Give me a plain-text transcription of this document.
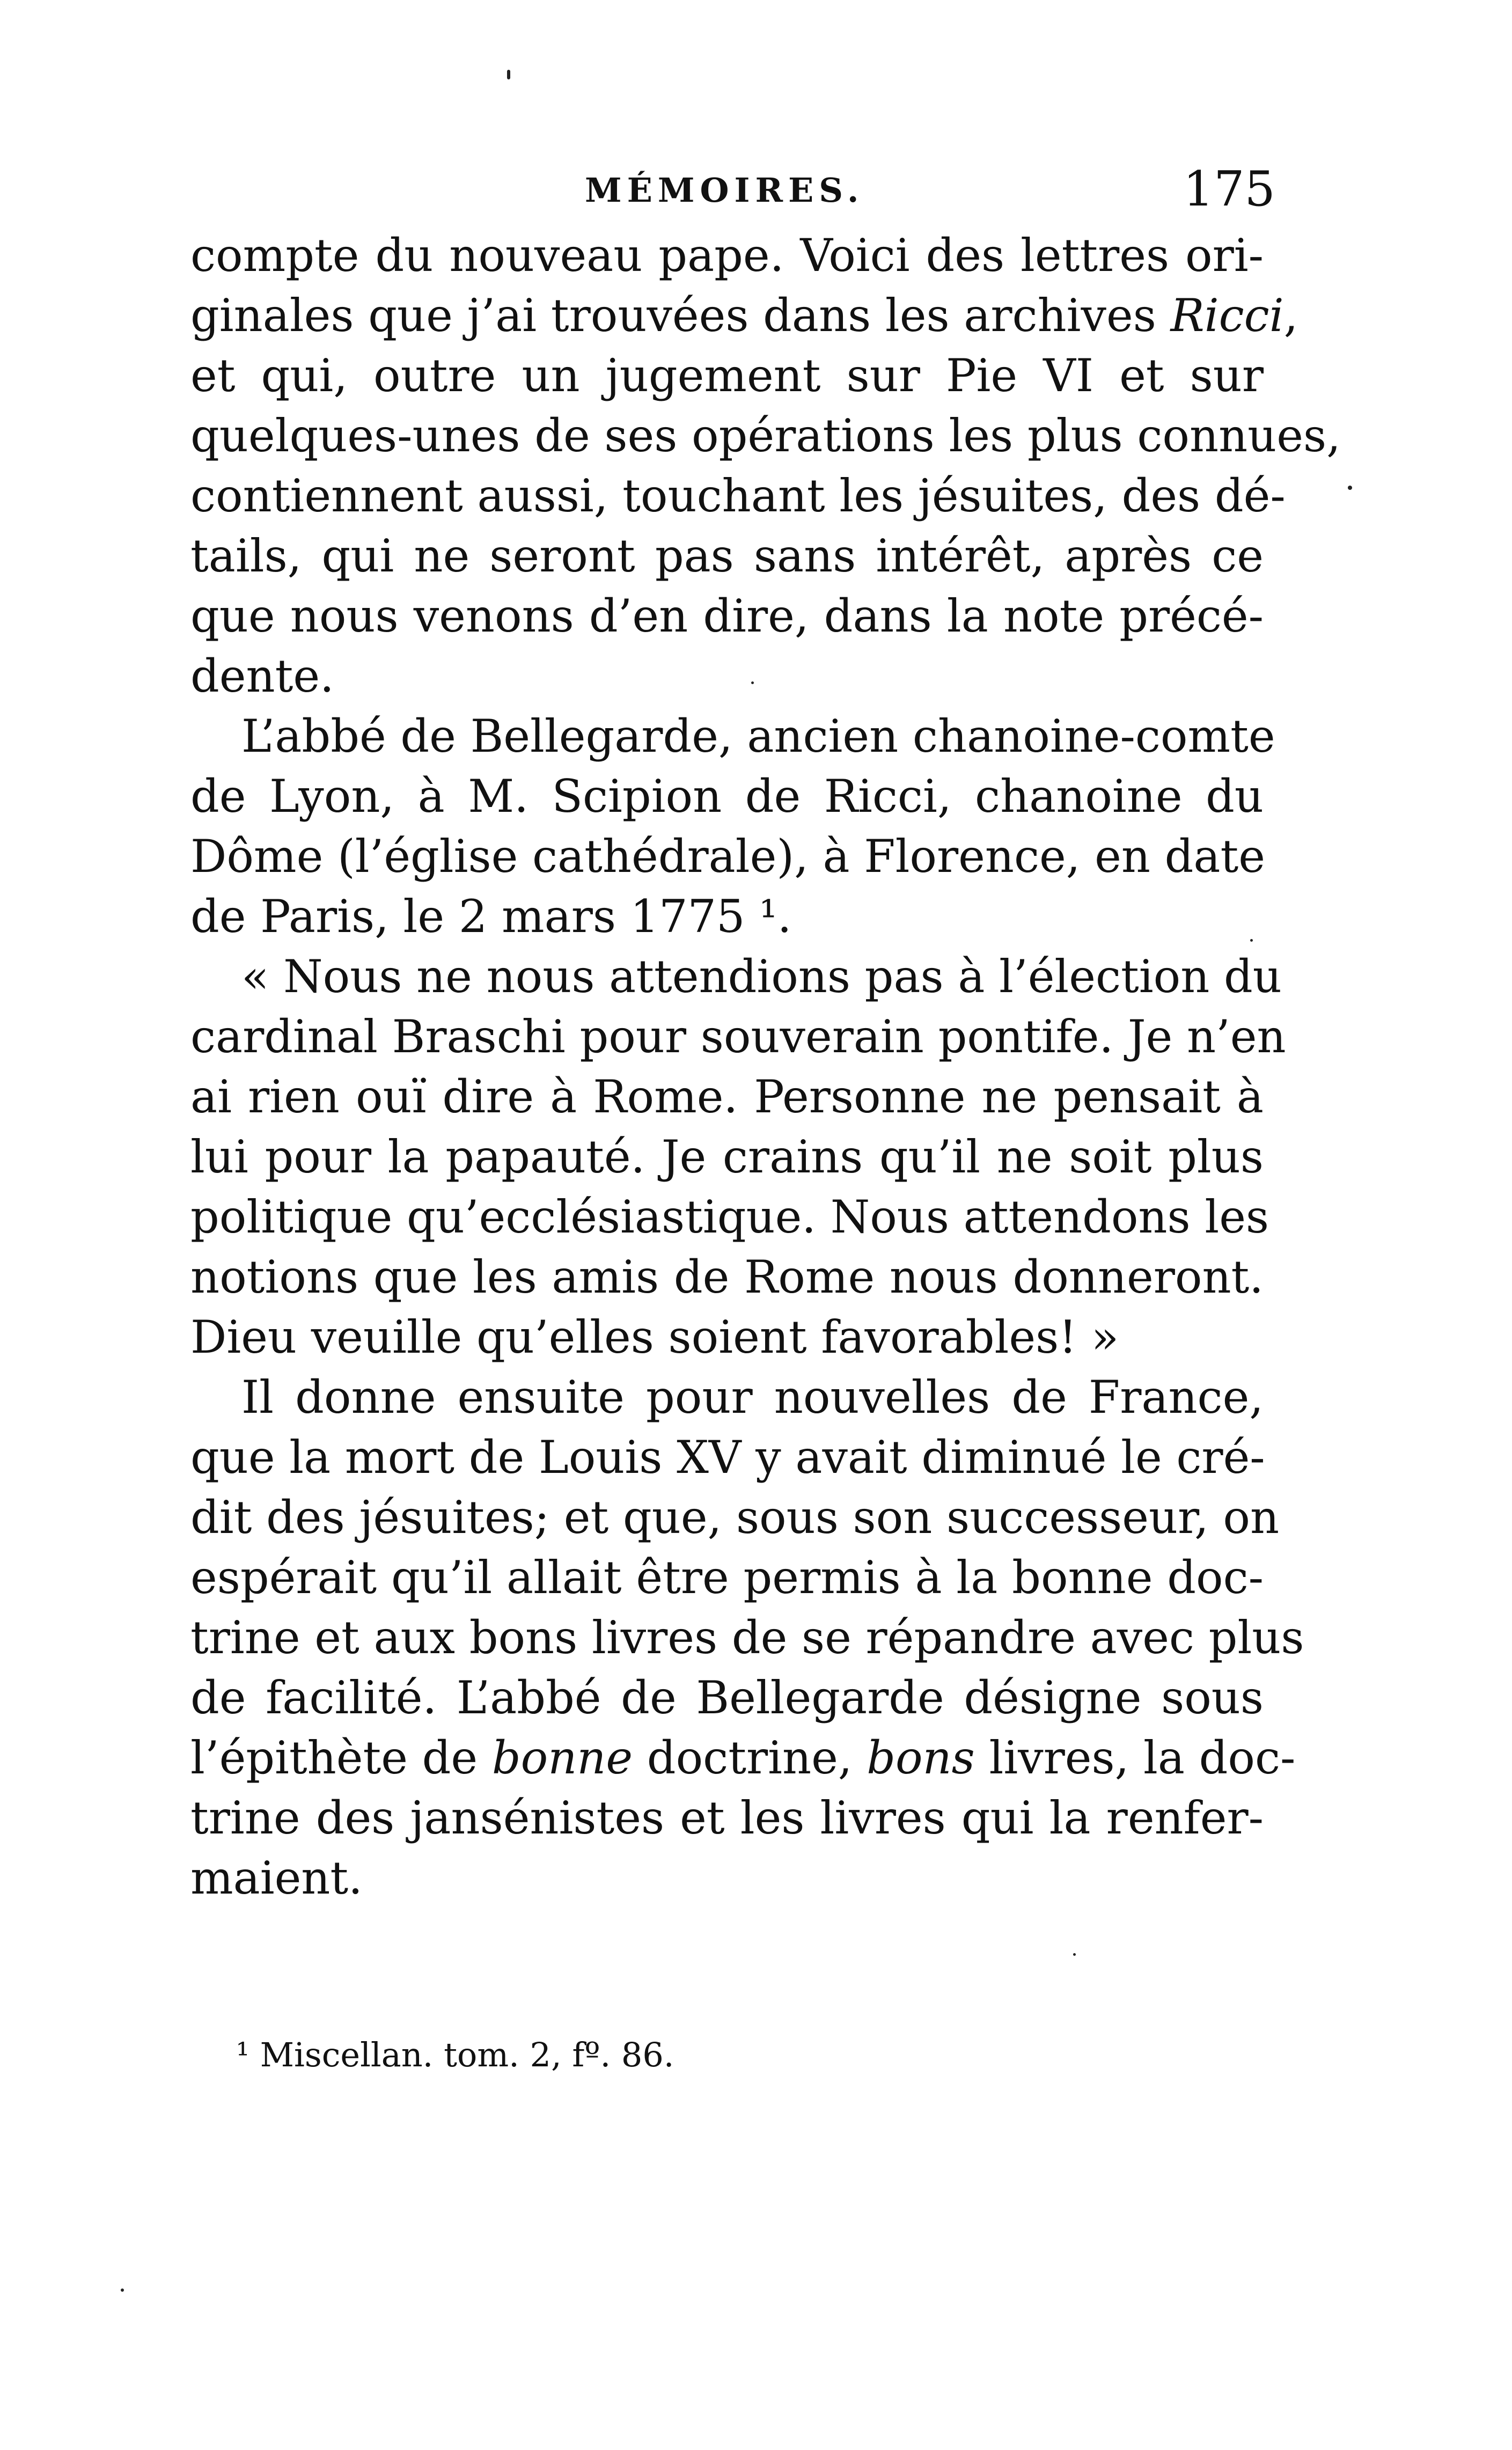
MÉMOIRES.	175

compte du nouveau pape. Voici des lettres ori-
ginales que j’ai trouvées dans les archives Ricci,
et qui, outre un jugement sur Pie VI et sur
quelques-unes de ses opérations les plus connues,
contiennent aussi, touchant les jésuites, des dé-
tails, qui ne seront pas sans intérêt, après ce
que nous venons d’en dire, dans la note précé-
dente.

L’abbé de Bellegarde, ancien chanoine-comte
de Lyon, à M. Scipion de Ricci, chanoine du
Dôme (l’église cathédrale), à Florence, en date
de Paris, le 2 mars 1775 ¹.

« Nous ne nous attendions pas à l’élection du
cardinal Braschi pour souverain pontife. Je n’en
ai rien ouï dire à Rome. Personne ne pensait à
lui pour la papauté. Je crains qu’il ne soit plus
politique qu’ecclésiastique. Nous attendons les
notions que les amis de Rome nous donneront.
Dieu veuille qu’elles soient favorables! »

Il donne ensuite pour nouvelles de France,
que la mort de Louis XV y avait diminué le cré-
dit des jésuites; et que, sous son successeur, on
espérait qu’il allait être permis à la bonne doc-
trine et aux bons livres de se répandre avec plus
de facilité. L’abbé de Bellegarde désigne sous
l’épithète de bonne doctrine, bons livres, la doc-
trine des jansénistes et les livres qui la renfer-
maient.

¹ Miscellan. tom. 2, fº. 86.
